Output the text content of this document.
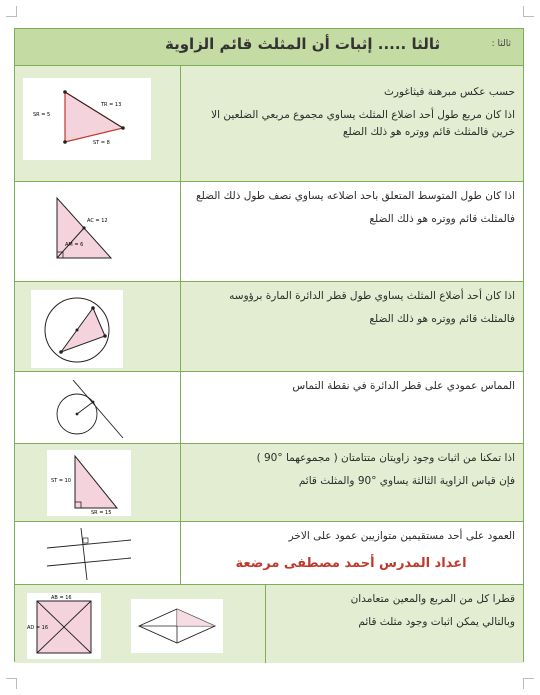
ثالثا ..... إثبات أن المثلث قائم الزاوية	ثالثا :
SR = 5
TR = 13
ST = 8

حسب عكس مبرهنة فيثاغورث

اذا كان مربع طول أحد اضلاع المثلث يساوي مجموع مربعي الضلعين الا خرين فالمثلث قائم ووتره هو ذلك الضلع

AC = 12
AM = 6

اذا كان طول المتوسط المتعلق باحد اضلاعه يساوي نصف طول ذلك الضلع

فالمثلث قائم ووتره هو ذلك الضلع

اذا كان أحد أضلاع المثلث يساوي طول قطر الدائرة المارة برؤوسه

فالمثلث قائم ووتره هو ذلك الضلع

المماس عمودي على قطر الدائرة في نقطة التماس

ST = 10
SR = 15

اذا تمكنا من اثبات وجود زاويتان متتامتان ( مجموعهما °90 )

فإن قياس الزاوية الثالثة يساوي °90 والمثلث قائم

العمود على أحد مستقيمين متوازيين عمود على الاخر

اعداد المدرس أحمد مصطفى مرضعة
AB = 16
AD = 16

قطرا كل من المربع والمعين متعامدان

وبالتالي يمكن اثبات وجود مثلث قائم
